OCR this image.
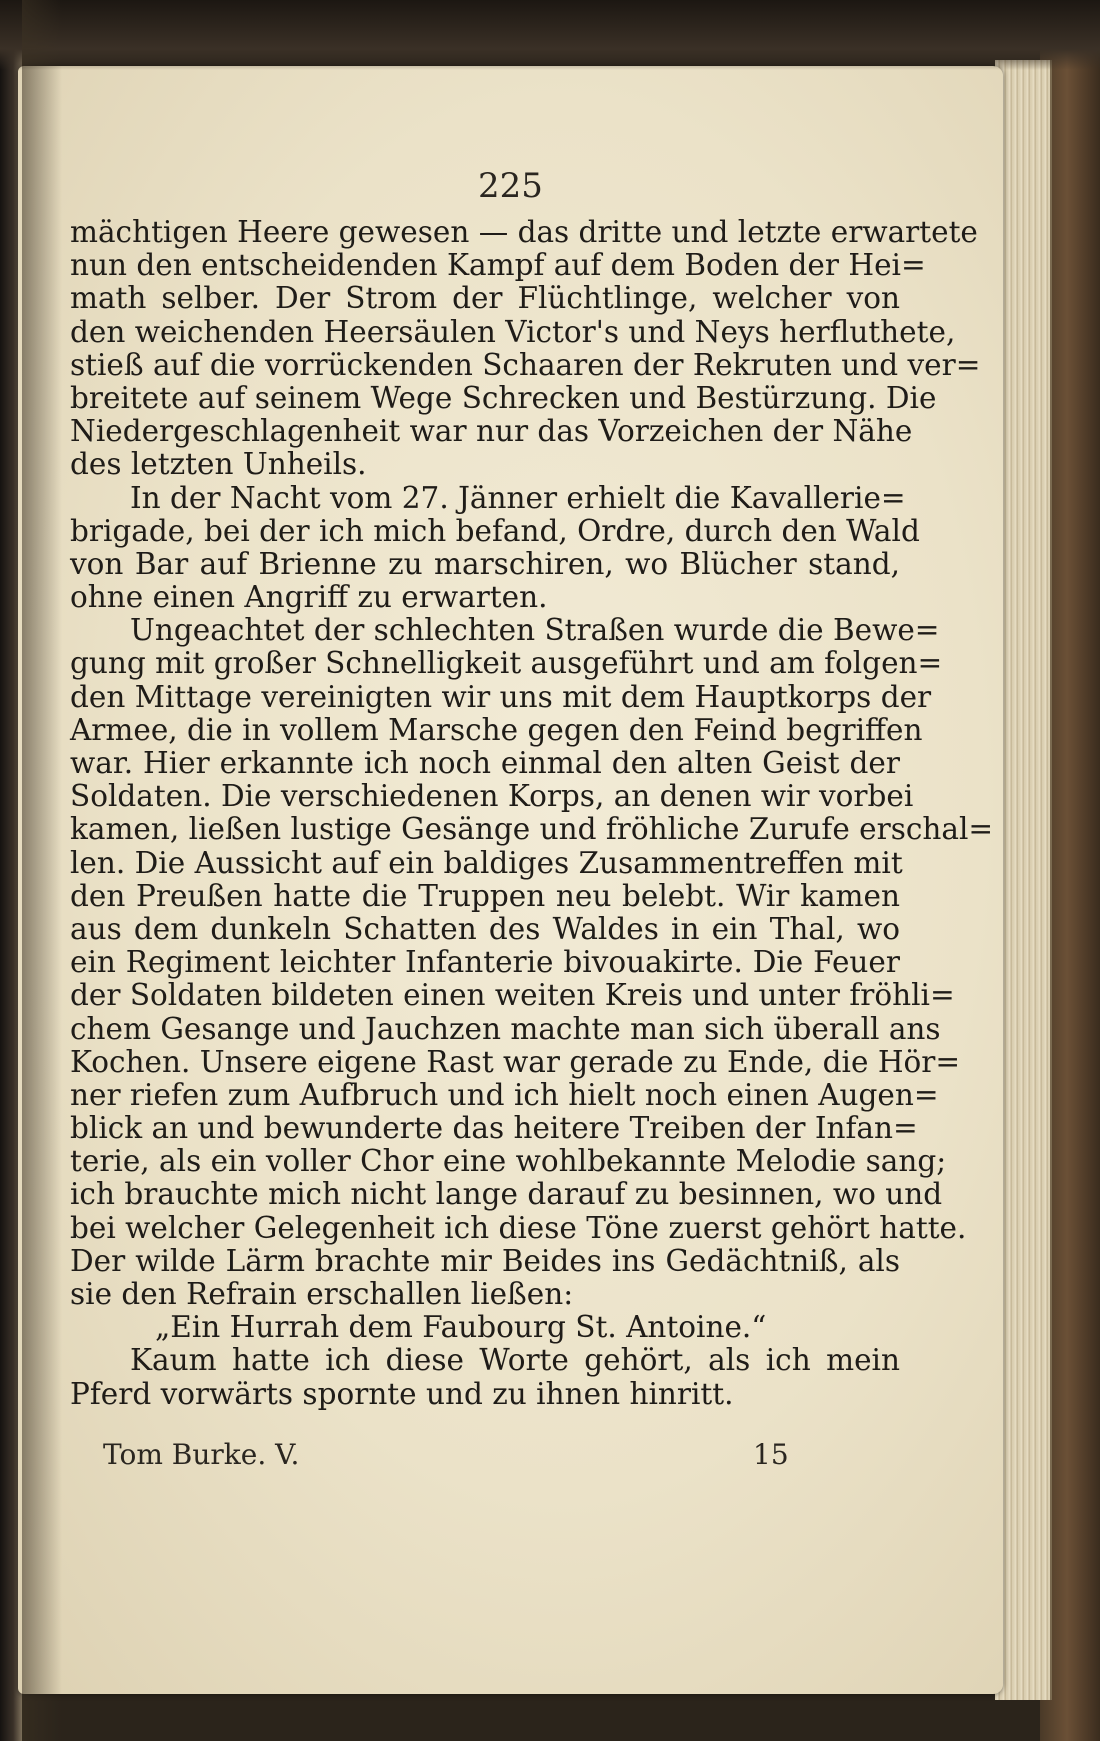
225
mächtigen Heere gewesen — das dritte und letzte erwartete
nun den entscheidenden Kampf auf dem Boden der Hei=
math selber. Der Strom der Flüchtlinge, welcher von
den weichenden Heersäulen Victor's und Neys herfluthete,
stieß auf die vorrückenden Schaaren der Rekruten und ver=
breitete auf seinem Wege Schrecken und Bestürzung. Die
Niedergeschlagenheit war nur das Vorzeichen der Nähe
des letzten Unheils.
In der Nacht vom 27. Jänner erhielt die Kavallerie=
brigade, bei der ich mich befand, Ordre, durch den Wald
von Bar auf Brienne zu marschiren, wo Blücher stand,
ohne einen Angriff zu erwarten.
Ungeachtet der schlechten Straßen wurde die Bewe=
gung mit großer Schnelligkeit ausgeführt und am folgen=
den Mittage vereinigten wir uns mit dem Hauptkorps der
Armee, die in vollem Marsche gegen den Feind begriffen
war. Hier erkannte ich noch einmal den alten Geist der
Soldaten. Die verschiedenen Korps, an denen wir vorbei
kamen, ließen lustige Gesänge und fröhliche Zurufe erschal=
len. Die Aussicht auf ein baldiges Zusammentreffen mit
den Preußen hatte die Truppen neu belebt. Wir kamen
aus dem dunkeln Schatten des Waldes in ein Thal, wo
ein Regiment leichter Infanterie bivouakirte. Die Feuer
der Soldaten bildeten einen weiten Kreis und unter fröhli=
chem Gesange und Jauchzen machte man sich überall ans
Kochen. Unsere eigene Rast war gerade zu Ende, die Hör=
ner riefen zum Aufbruch und ich hielt noch einen Augen=
blick an und bewunderte das heitere Treiben der Infan=
terie, als ein voller Chor eine wohlbekannte Melodie sang;
ich brauchte mich nicht lange darauf zu besinnen, wo und
bei welcher Gelegenheit ich diese Töne zuerst gehört hatte.
Der wilde Lärm brachte mir Beides ins Gedächtniß, als
sie den Refrain erschallen ließen:
„Ein Hurrah dem Faubourg St. Antoine.“
Kaum hatte ich diese Worte gehört, als ich mein
Pferd vorwärts spornte und zu ihnen hinritt.
Tom Burke. V.	15
